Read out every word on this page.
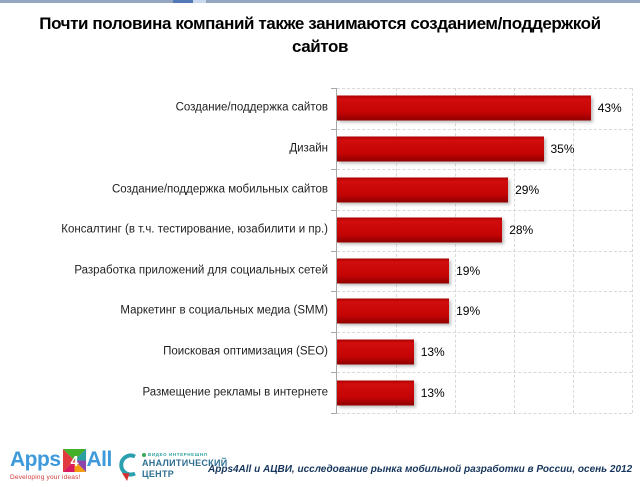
Почти половина компаний также занимаются созданием/поддержкой
сайтов
Создание/поддержка сайтов	43%
Дизайн	35%
Создание/поддержка мобильных сайтов	29%
Консалтинг (в т.ч. тестирование, юзабилити и пр.)	28%
Разработка приложений для социальных сетей	19%
Маркетинг в социальных медиа (SMM)	19%
Поисковая оптимизация (SEO)	13%
Размещение рекламы в интернете	13%
Apps 4 All
Developing your ideas!
ВИДЕО ИНТЕРНЕШНЛ
АНАЛИТИЧЕСКИЙ
ЦЕНТР	Apps4All и АЦВИ, исследование рынка мобильной разработки в России, осень 2012
